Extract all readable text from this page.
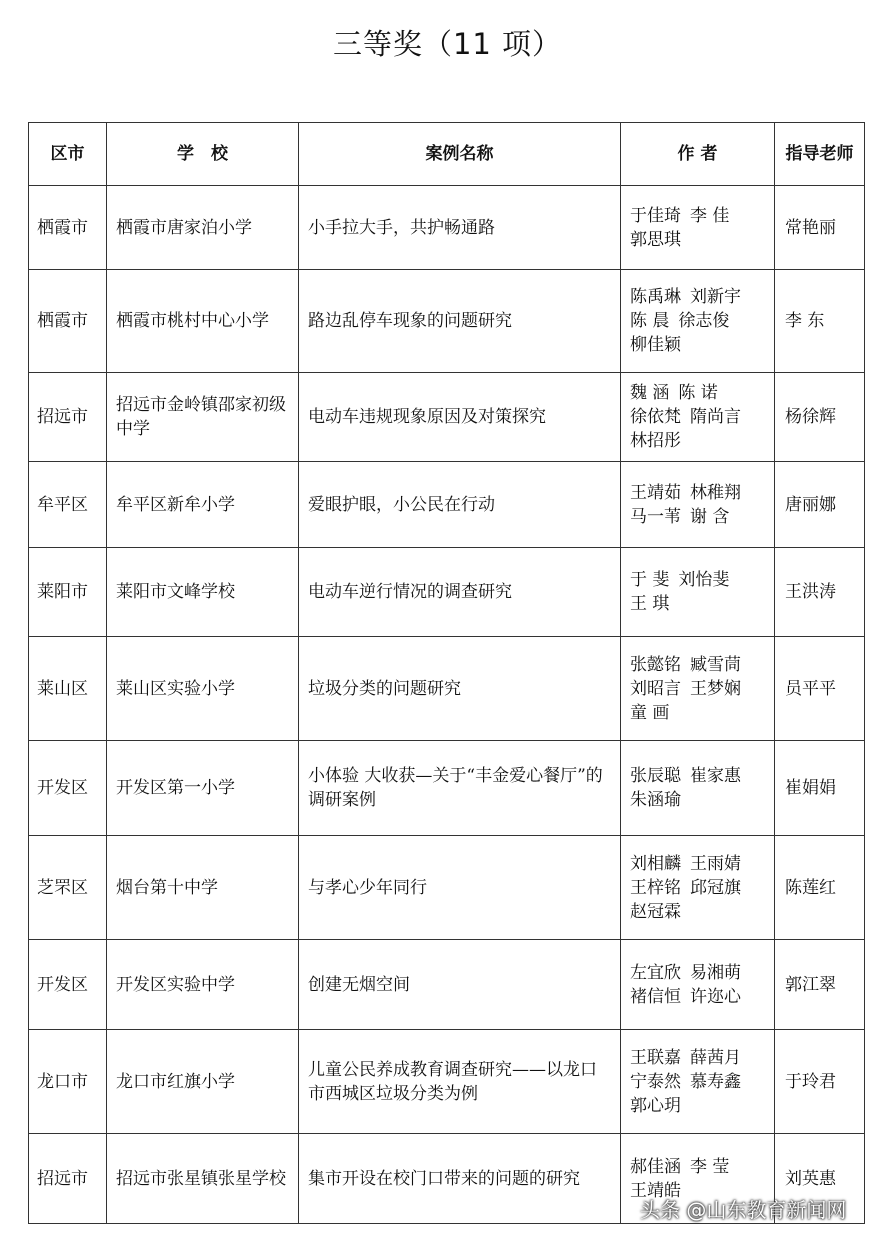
三等奖（11 项）
区市	学　校	案例名称	作 者	指导老师
栖霞市	栖霞市唐家泊小学	小手拉大手，共护畅通路	于佳琦 李 佳
郭思琪	常艳丽
栖霞市	栖霞市桃村中心小学	路边乱停车现象的问题研究	陈禹琳 刘新宇
陈 晨 徐志俊
柳佳颖	李 东
招远市	招远市金岭镇邵家初级中学	电动车违规现象原因及对策探究	魏 涵 陈 诺
徐依梵 隋尚言
林招彤	杨徐辉
牟平区	牟平区新牟小学	爱眼护眼，小公民在行动	王靖茹 林稚翔
马一苇 谢 含	唐丽娜
莱阳市	莱阳市文峰学校	电动车逆行情况的调查研究	于 斐 刘怡斐
王 琪	王洪涛
莱山区	莱山区实验小学	垃圾分类的问题研究	张懿铭 臧雪茼
刘昭言 王梦娴
童 画	员平平
开发区	开发区第一小学	小体验 大收获—关于“丰金爱心餐厅”的调研案例	张辰聪 崔家惠
朱涵瑜	崔娟娟
芝罘区	烟台第十中学	与孝心少年同行	刘相麟 王雨婧
王梓铭 邱冠旗
赵冠霖	陈莲红
开发区	开发区实验中学	创建无烟空间	左宜欣 易湘萌
褚信恒 许迩心	郭江翠
龙口市	龙口市红旗小学	儿童公民养成教育调查研究——以龙口市西城区垃圾分类为例	王联嘉 薛茜月
宁泰然 慕寿鑫
郭心玥	于玲君
招远市	招远市张星镇张星学校	集市开设在校门口带来的问题的研究	郝佳涵 李 莹
王靖皓	刘英惠
头条 @山东教育新闻网
